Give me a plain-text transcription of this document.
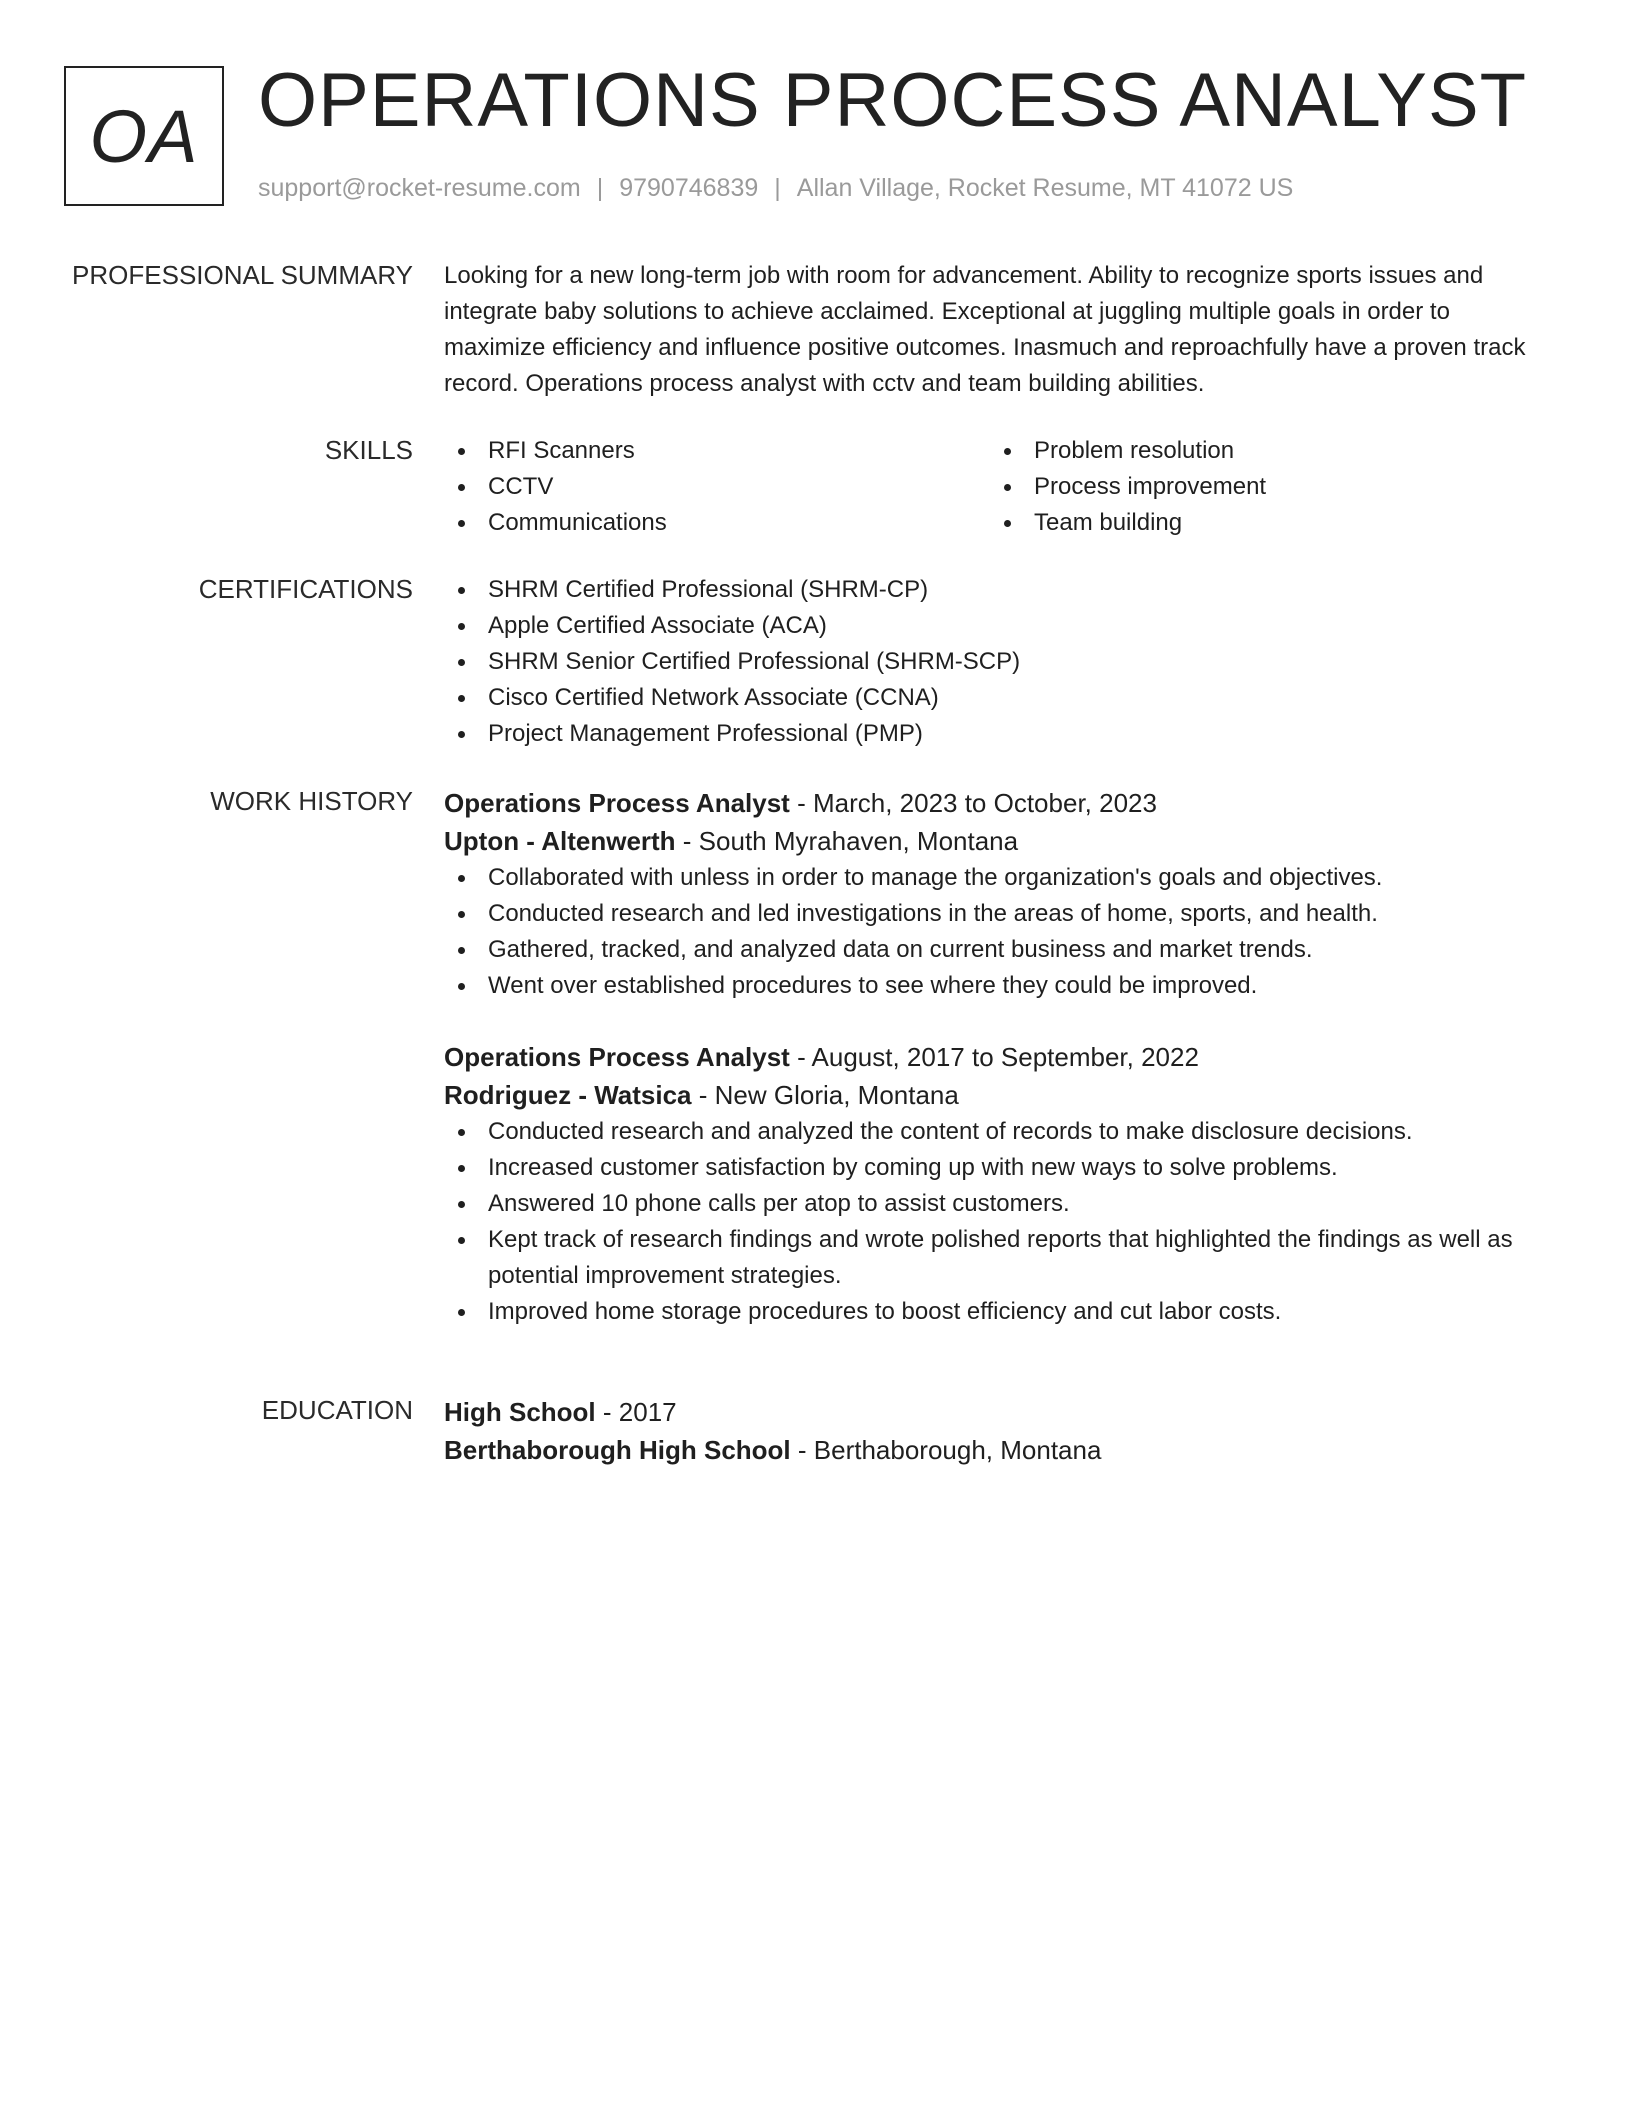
OA OPERATIONS PROCESS ANALYST
support@rocket-resume.com | 9790746839 | Allan Village, Rocket Resume, MT 41072 US
PROFESSIONAL SUMMARY Looking for a new long-term job with room for advancement. Ability to recognize sports issues and integrate baby solutions to achieve acclaimed. Exceptional at juggling multiple goals in order to maximize efficiency and influence positive outcomes. Inasmuch and reproachfully have a proven track record. Operations process analyst with cctv and team building abilities.

SKILLS	RFI Scanners
CCTV
Communications
Problem resolution
Process improvement
Team building
CERTIFICATIONS	SHRM Certified Professional (SHRM-CP)
Apple Certified Associate (ACA)
SHRM Senior Certified Professional (SHRM-SCP)
Cisco Certified Network Associate (CCNA)
Project Management Professional (PMP)
WORK HISTORY Operations Process Analyst - March, 2023 to October, 2023
Upton - Altenwerth - South Myrahaven, Montana
Collaborated with unless in order to manage the organization's goals and objectives.
Conducted research and led investigations in the areas of home, sports, and health.
Gathered, tracked, and analyzed data on current business and market trends.
Went over established procedures to see where they could be improved.
Operations Process Analyst - August, 2017 to September, 2022
Rodriguez - Watsica - New Gloria, Montana
Conducted research and analyzed the content of records to make disclosure decisions.
Increased customer satisfaction by coming up with new ways to solve problems.
Answered 10 phone calls per atop to assist customers.
Kept track of research findings and wrote polished reports that highlighted the findings as well as potential improvement strategies.
Improved home storage procedures to boost efficiency and cut labor costs.
EDUCATION High School - 2017
Berthaborough High School - Berthaborough, Montana
